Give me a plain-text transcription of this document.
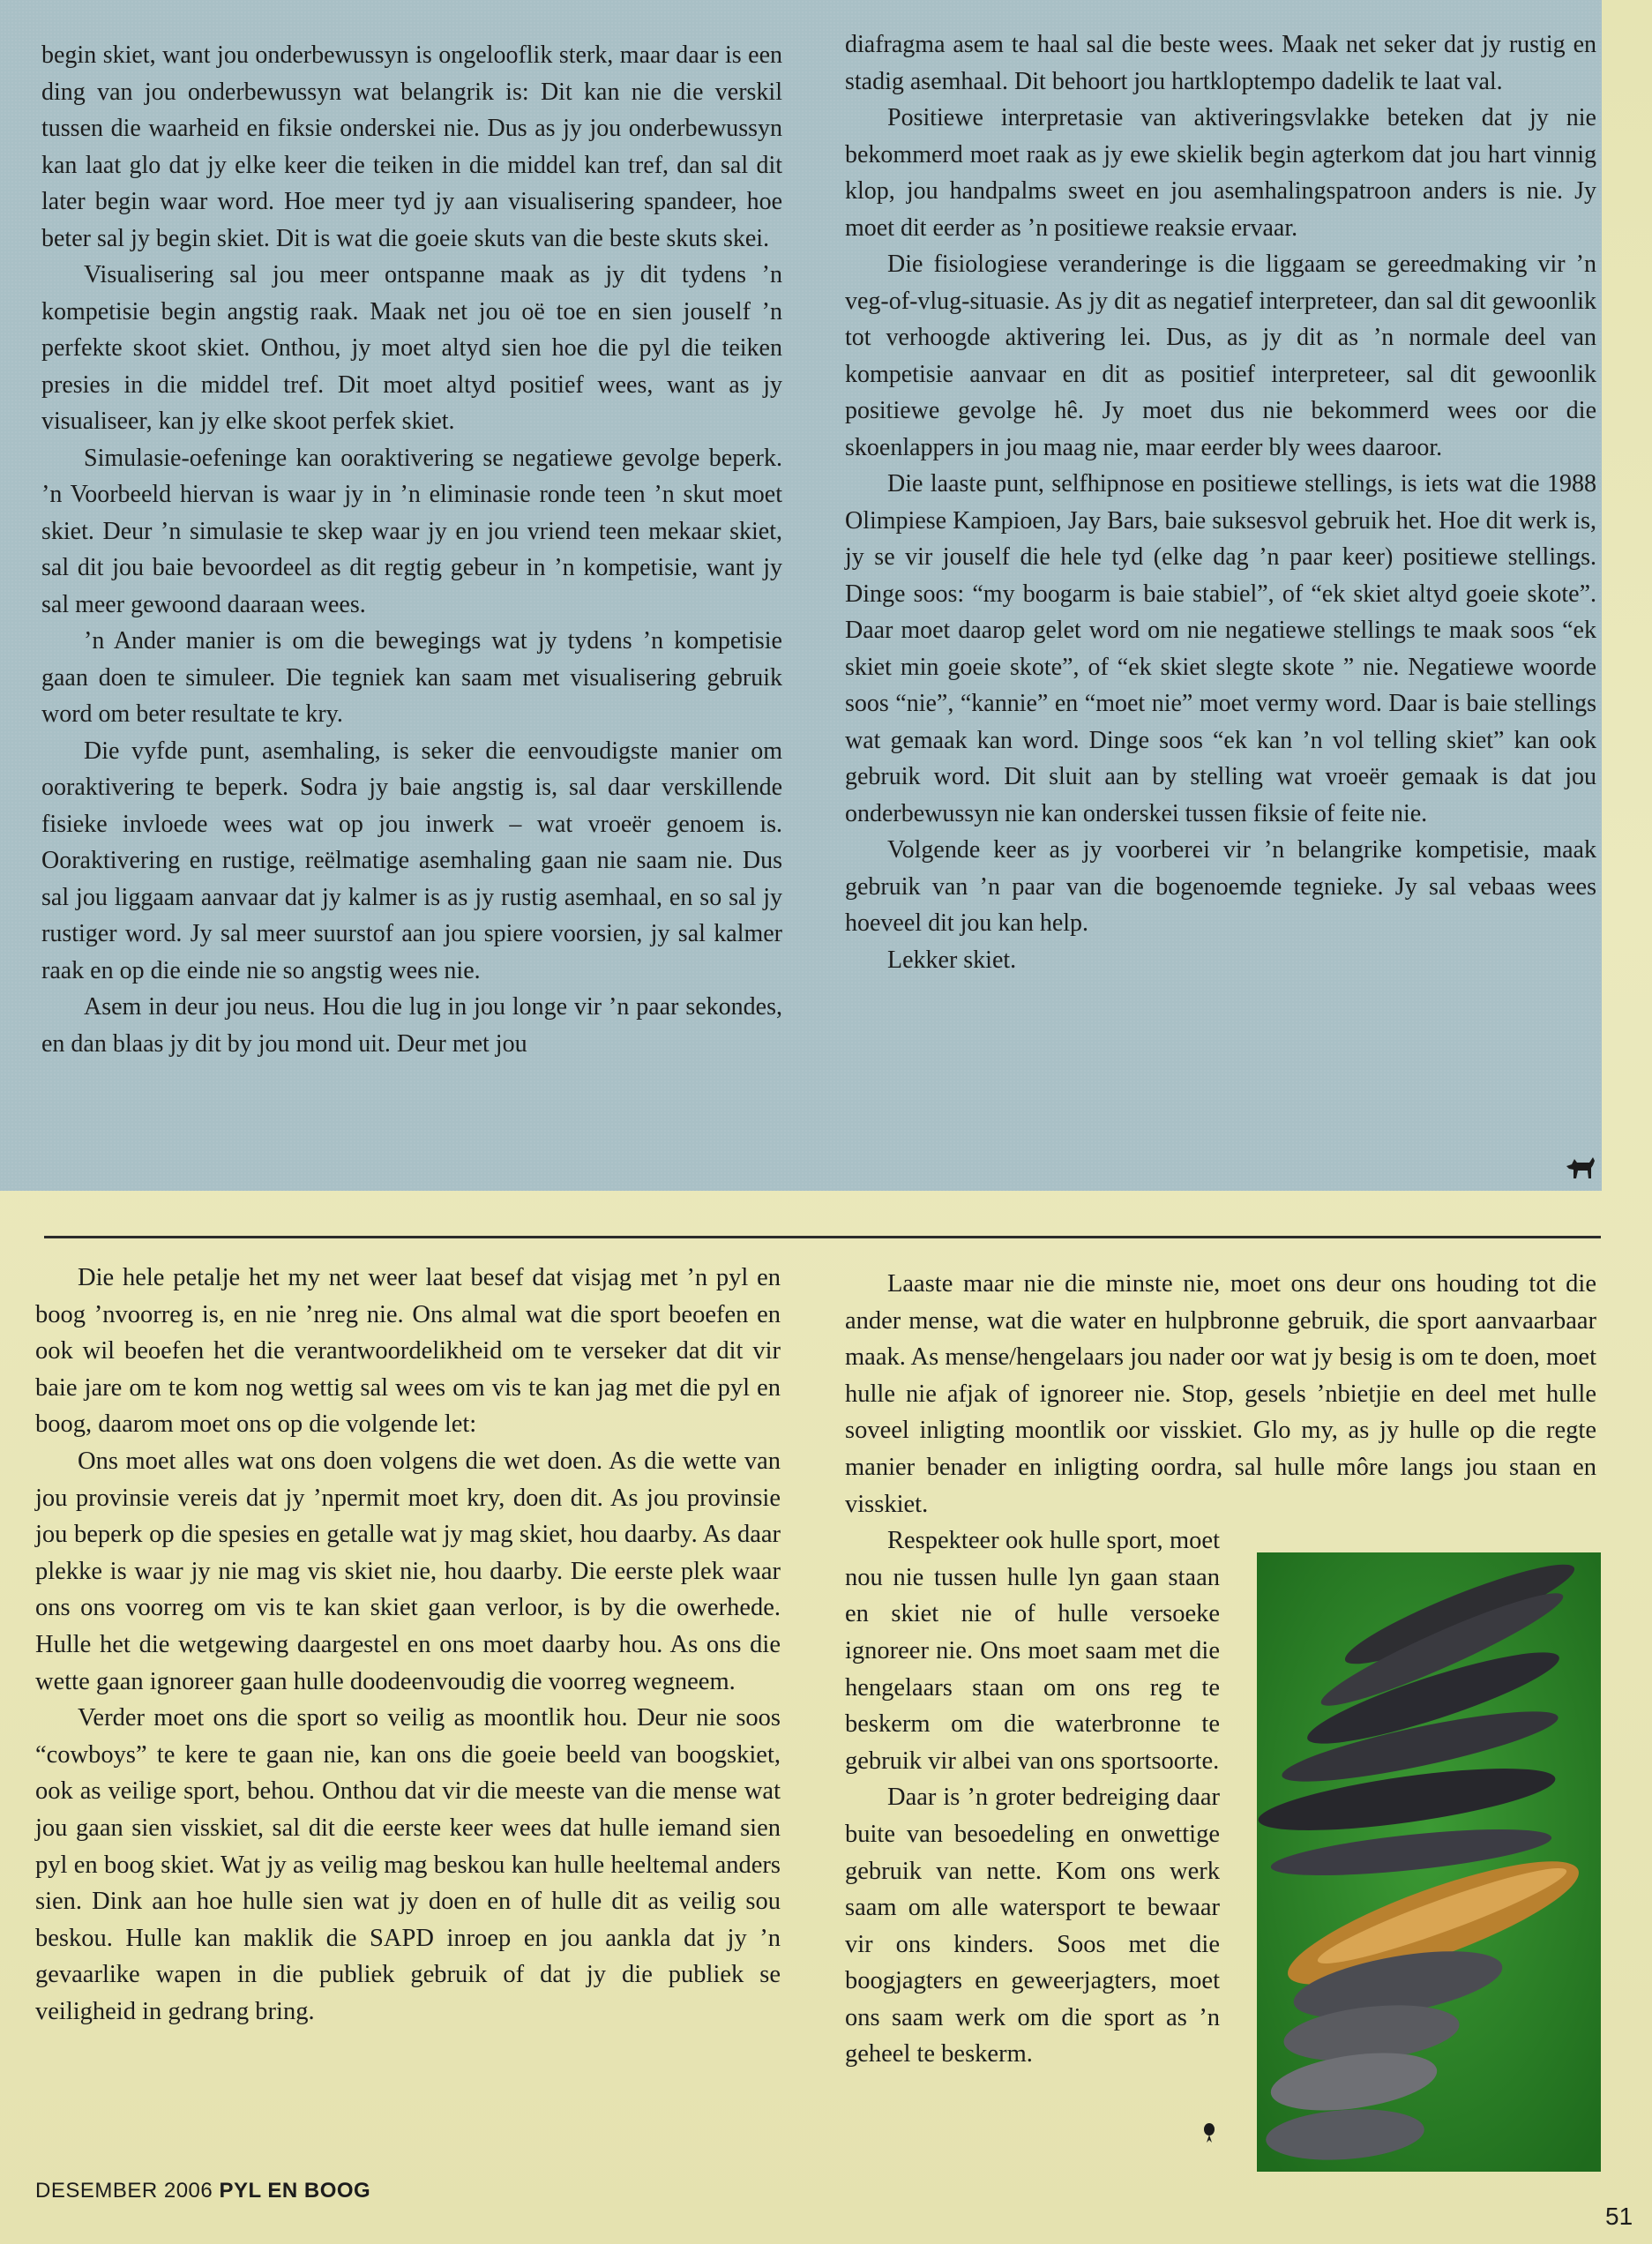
begin skiet, want jou onderbewussyn is ongelooflik sterk, maar daar is een ding van jou onderbewussyn wat belangrik is: Dit kan nie die verskil tussen die waarheid en fiksie onderskei nie. Dus as jy jou onderbewussyn kan laat glo dat jy elke keer die teiken in die middel kan tref, dan sal dit later begin waar word. Hoe meer tyd jy aan visualisering spandeer, hoe beter sal jy begin skiet. Dit is wat die goeie skuts van die beste skuts skei.

Visualisering sal jou meer ontspanne maak as jy dit tydens ’n kompetisie begin angstig raak. Maak net jou oë toe en sien jouself ’n perfekte skoot skiet. Onthou, jy moet altyd sien hoe die pyl die teiken presies in die middel tref. Dit moet altyd positief wees, want as jy visualiseer, kan jy elke skoot perfek skiet.

Simulasie-oefeninge kan ooraktivering se negatiewe gevolge beperk. ’n Voorbeeld hiervan is waar jy in ’n eliminasie ronde teen ’n skut moet skiet. Deur ’n simulasie te skep waar jy en jou vriend teen mekaar skiet, sal dit jou baie bevoordeel as dit regtig gebeur in ’n kompetisie, want jy sal meer gewoond daaraan wees.

’n Ander manier is om die bewegings wat jy tydens ’n kompetisie gaan doen te simuleer. Die tegniek kan saam met visualisering gebruik word om beter resultate te kry.

Die vyfde punt, asemhaling, is seker die eenvoudigste manier om ooraktivering te beperk. Sodra jy baie angstig is, sal daar verskillende fisieke invloede wees wat op jou inwerk – wat vroeër genoem is. Ooraktivering en rustige, reëlmatige asemhaling gaan nie saam nie. Dus sal jou liggaam aanvaar dat jy kalmer is as jy rustig asemhaal, en so sal jy rustiger word. Jy sal meer suurstof aan jou spiere voorsien, jy sal kalmer raak en op die einde nie so angstig wees nie.

Asem in deur jou neus. Hou die lug in jou longe vir ’n paar sekondes, en dan blaas jy dit by jou mond uit. Deur met jou

diafragma asem te haal sal die beste wees. Maak net seker dat jy rustig en stadig asemhaal. Dit behoort jou hartkloptempo dadelik te laat val.

Positiewe interpretasie van aktiveringsvlakke beteken dat jy nie bekommerd moet raak as jy ewe skielik begin agterkom dat jou hart vinnig klop, jou handpalms sweet en jou asemhalingspatroon anders is nie. Jy moet dit eerder as ’n positiewe reaksie ervaar.

Die fisiologiese veranderinge is die liggaam se gereedmaking vir ’n veg-of-vlug-situasie. As jy dit as negatief interpreteer, dan sal dit gewoonlik tot verhoogde aktivering lei. Dus, as jy dit as ’n normale deel van kompetisie aanvaar en dit as positief interpreteer, sal dit gewoonlik positiewe gevolge hê. Jy moet dus nie bekommerd wees oor die skoenlappers in jou maag nie, maar eerder bly wees daaroor.

Die laaste punt, selfhipnose en positiewe stellings, is iets wat die 1988 Olimpiese Kampioen, Jay Bars, baie suksesvol gebruik het. Hoe dit werk is, jy se vir jouself die hele tyd (elke dag ’n paar keer) positiewe stellings. Dinge soos: “my boogarm is baie stabiel”, of “ek skiet altyd goeie skote”. Daar moet daarop gelet word om nie negatiewe stellings te maak soos “ek skiet min goeie skote”, of “ek skiet slegte skote ” nie. Negatiewe woorde soos “nie”, “kannie” en “moet nie” moet vermy word. Daar is baie stellings wat gemaak kan word. Dinge soos “ek kan ’n vol telling skiet” kan ook gebruik word. Dit sluit aan by stelling wat vroeër gemaak is dat jou onderbewussyn nie kan onderskei tussen fiksie of feite nie.

Volgende keer as jy voorberei vir ’n belangrike kompetisie, maak gebruik van ’n paar van die bogenoemde tegnieke. Jy sal vebaas wees hoeveel dit jou kan help.

Lekker skiet.

Die hele petalje het my net weer laat besef dat visjag met ’n pyl en boog ’nvoorreg is, en nie ’nreg nie. Ons almal wat die sport beoefen en ook wil beoefen het die verantwoordelikheid om te verseker dat dit vir baie jare om te kom nog wettig sal wees om vis te kan jag met die pyl en boog, daarom moet ons op die volgende let:

Ons moet alles wat ons doen volgens die wet doen. As die wette van jou provinsie vereis dat jy ’npermit moet kry, doen dit. As jou provinsie jou beperk op die spesies en getalle wat jy mag skiet, hou daarby. As daar plekke is waar jy nie mag vis skiet nie, hou daarby. Die eerste plek waar ons ons voorreg om vis te kan skiet gaan verloor, is by die owerhede. Hulle het die wetgewing daargestel en ons moet daarby hou. As ons die wette gaan ignoreer gaan hulle doodeenvoudig die voorreg wegneem.

Verder moet ons die sport so veilig as moontlik hou. Deur nie soos “cowboys” te kere te gaan nie, kan ons die goeie beeld van boogskiet, ook as veilige sport, behou. Onthou dat vir die meeste van die mense wat jou gaan sien visskiet, sal dit die eerste keer wees dat hulle iemand sien pyl en boog skiet. Wat jy as veilig mag beskou kan hulle heeltemal anders sien. Dink aan hoe hulle sien wat jy doen en of hulle dit as veilig sou beskou. Hulle kan maklik die SAPD inroep en jou aankla dat jy ’n gevaarlike wapen in die publiek gebruik of dat jy die publiek se veiligheid in gedrang bring.

Laaste maar nie die minste nie, moet ons deur ons houding tot die ander mense, wat die water en hulpbronne gebruik, die sport aanvaarbaar maak. As mense/hengelaars jou nader oor wat jy besig is om te doen, moet hulle nie afjak of ignoreer nie. Stop, gesels ’nbietjie en deel met hulle soveel inligting moontlik oor visskiet. Glo my, as jy hulle op die regte manier benader en inligting oordra, sal hulle môre langs jou staan en visskiet.

Respekteer ook hulle sport, moet nou nie tussen hulle lyn gaan staan en skiet nie of hulle versoeke ignoreer nie. Ons moet saam met die hengelaars staan om ons reg te beskerm om die waterbronne te gebruik vir albei van ons sportsoorte.

Daar is ’n groter bedreiging daar buite van besoedeling en onwettige gebruik van nette. Kom ons werk saam om alle watersport te bewaar vir ons kinders. Soos met die boogjagters en geweerjagters, moet ons saam werk om die sport as ’n geheel te beskerm.

DESEMBER 2006 PYL EN BOOG
51
